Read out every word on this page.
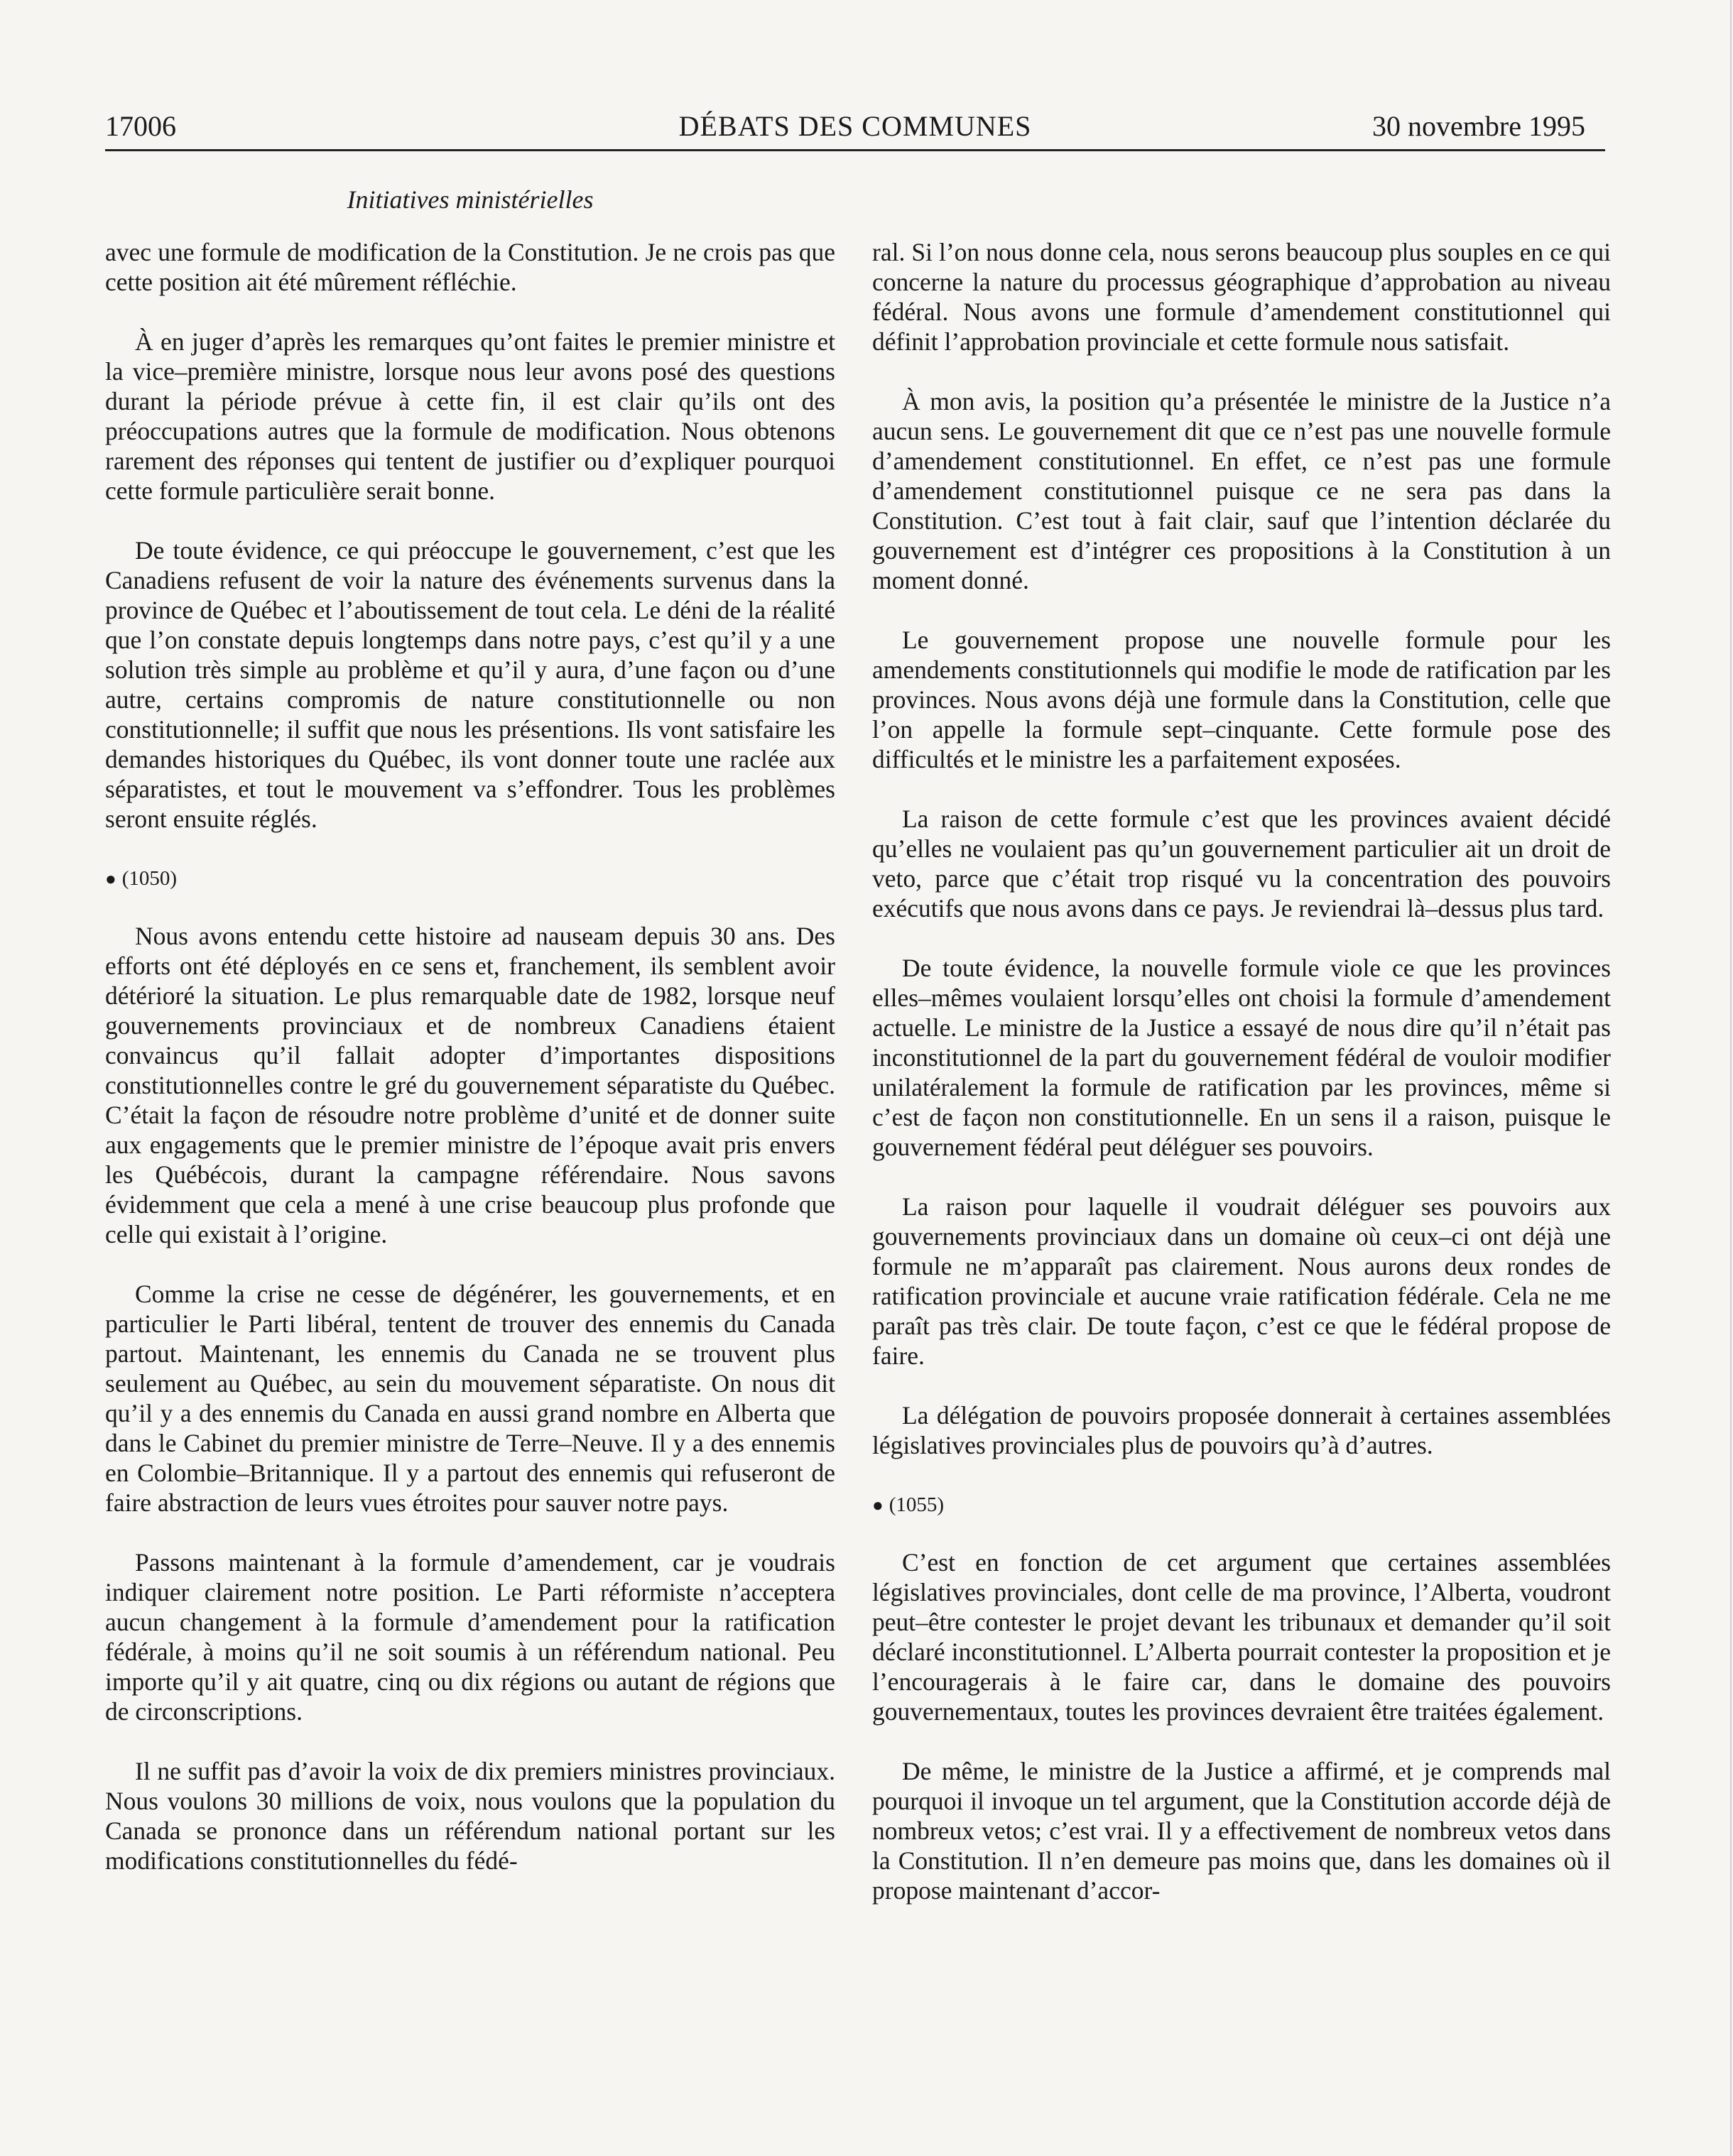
17006	DÉBATS DES COMMUNES	30 novembre 1995
Initiatives ministérielles

avec une formule de modification de la Constitution. Je ne crois pas que cette position ait été mûrement réfléchie.

À en juger d’après les remarques qu’ont faites le premier ministre et la vice–première ministre, lorsque nous leur avons posé des questions durant la période prévue à cette fin, il est clair qu’ils ont des préoccupations autres que la formule de modification. Nous obtenons rarement des réponses qui tentent de justifier ou d’expliquer pourquoi cette formule particulière serait bonne.

De toute évidence, ce qui préoccupe le gouvernement, c’est que les Canadiens refusent de voir la nature des événements survenus dans la province de Québec et l’aboutissement de tout cela. Le déni de la réalité que l’on constate depuis longtemps dans notre pays, c’est qu’il y a une solution très simple au problème et qu’il y aura, d’une façon ou d’une autre, certains compromis de nature constitutionnelle ou non constitutionnelle; il suffit que nous les présentions. Ils vont satisfaire les demandes historiques du Québec, ils vont donner toute une raclée aux séparatistes, et tout le mouvement va s’effondrer. Tous les problèmes seront ensuite réglés.

● (1050)

Nous avons entendu cette histoire ad nauseam depuis 30 ans. Des efforts ont été déployés en ce sens et, franchement, ils semblent avoir détérioré la situation. Le plus remarquable date de 1982, lorsque neuf gouvernements provinciaux et de nombreux Canadiens étaient convaincus qu’il fallait adopter d’importantes dispositions constitutionnelles contre le gré du gouvernement séparatiste du Québec. C’était la façon de résoudre notre problème d’unité et de donner suite aux engagements que le premier ministre de l’époque avait pris envers les Québécois, durant la campagne référendaire. Nous savons évidemment que cela a mené à une crise beaucoup plus profonde que celle qui existait à l’origine.

Comme la crise ne cesse de dégénérer, les gouvernements, et en particulier le Parti libéral, tentent de trouver des ennemis du Canada partout. Maintenant, les ennemis du Canada ne se trouvent plus seulement au Québec, au sein du mouvement séparatiste. On nous dit qu’il y a des ennemis du Canada en aussi grand nombre en Alberta que dans le Cabinet du premier ministre de Terre–Neuve. Il y a des ennemis en Colombie–Britannique. Il y a partout des ennemis qui refuseront de faire abstraction de leurs vues étroites pour sauver notre pays.

Passons maintenant à la formule d’amendement, car je voudrais indiquer clairement notre position. Le Parti réformiste n’acceptera aucun changement à la formule d’amendement pour la ratification fédérale, à moins qu’il ne soit soumis à un référendum national. Peu importe qu’il y ait quatre, cinq ou dix régions ou autant de régions que de circonscriptions.

Il ne suffit pas d’avoir la voix de dix premiers ministres provinciaux. Nous voulons 30 millions de voix, nous voulons que la population du Canada se prononce dans un référendum national portant sur les modifications constitutionnelles du fédé-

ral. Si l’on nous donne cela, nous serons beaucoup plus souples en ce qui concerne la nature du processus géographique d’approbation au niveau fédéral. Nous avons une formule d’amendement constitutionnel qui définit l’approbation provinciale et cette formule nous satisfait.

À mon avis, la position qu’a présentée le ministre de la Justice n’a aucun sens. Le gouvernement dit que ce n’est pas une nouvelle formule d’amendement constitutionnel. En effet, ce n’est pas une formule d’amendement constitutionnel puisque ce ne sera pas dans la Constitution. C’est tout à fait clair, sauf que l’intention déclarée du gouvernement est d’intégrer ces propositions à la Constitution à un moment donné.

Le gouvernement propose une nouvelle formule pour les amendements constitutionnels qui modifie le mode de ratification par les provinces. Nous avons déjà une formule dans la Constitution, celle que l’on appelle la formule sept–cinquante. Cette formule pose des difficultés et le ministre les a parfaitement exposées.

La raison de cette formule c’est que les provinces avaient décidé qu’elles ne voulaient pas qu’un gouvernement particulier ait un droit de veto, parce que c’était trop risqué vu la concentration des pouvoirs exécutifs que nous avons dans ce pays. Je reviendrai là–dessus plus tard.

De toute évidence, la nouvelle formule viole ce que les provinces elles–mêmes voulaient lorsqu’elles ont choisi la formule d’amendement actuelle. Le ministre de la Justice a essayé de nous dire qu’il n’était pas inconstitutionnel de la part du gouvernement fédéral de vouloir modifier unilatéralement la formule de ratification par les provinces, même si c’est de façon non constitutionnelle. En un sens il a raison, puisque le gouvernement fédéral peut déléguer ses pouvoirs.

La raison pour laquelle il voudrait déléguer ses pouvoirs aux gouvernements provinciaux dans un domaine où ceux–ci ont déjà une formule ne m’apparaît pas clairement. Nous aurons deux rondes de ratification provinciale et aucune vraie ratification fédérale. Cela ne me paraît pas très clair. De toute façon, c’est ce que le fédéral propose de faire.

La délégation de pouvoirs proposée donnerait à certaines assemblées législatives provinciales plus de pouvoirs qu’à d’autres.

● (1055)

C’est en fonction de cet argument que certaines assemblées législatives provinciales, dont celle de ma province, l’Alberta, voudront peut–être contester le projet devant les tribunaux et demander qu’il soit déclaré inconstitutionnel. L’Alberta pourrait contester la proposition et je l’encouragerais à le faire car, dans le domaine des pouvoirs gouvernementaux, toutes les provinces devraient être traitées également.

De même, le ministre de la Justice a affirmé, et je comprends mal pourquoi il invoque un tel argument, que la Constitution accorde déjà de nombreux vetos; c’est vrai. Il y a effectivement de nombreux vetos dans la Constitution. Il n’en demeure pas moins que, dans les domaines où il propose maintenant d’accor-
